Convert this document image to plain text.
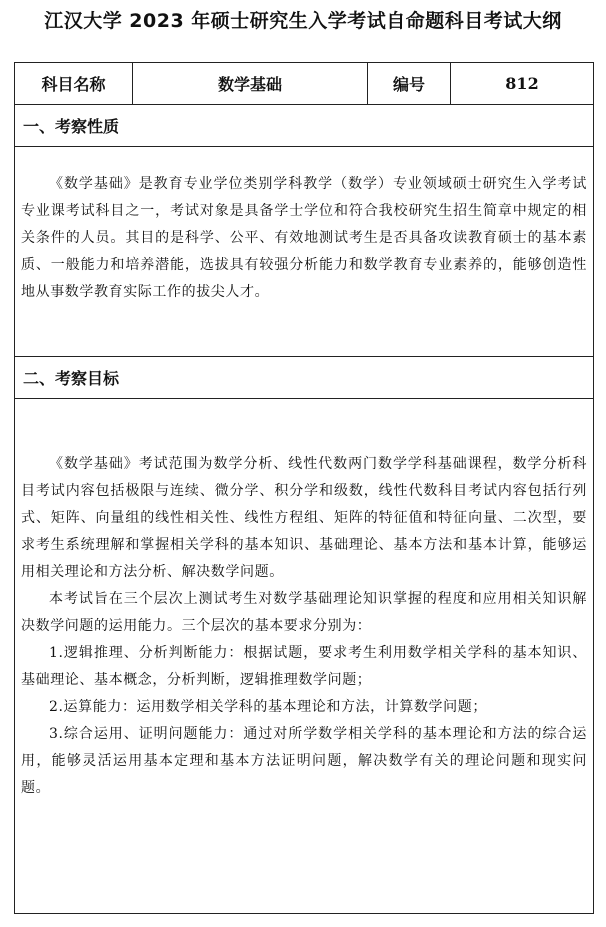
江汉大学 2023 年硕士研究生入学考试自命题科目考试大纲
科目名称	数学基础	编号	812
一、考察性质

《数学基础》是教育专业学位类别学科教学（数学）专业领域硕士研究生入学考试专业课考试科目之一，考试对象是具备学士学位和符合我校研究生招生简章中规定的相关条件的人员。其目的是科学、公平、有效地测试考生是否具备攻读教育硕士的基本素质、一般能力和培养潜能，选拔具有较强分析能力和数学教育专业素养的，能够创造性地从事数学教育实际工作的拔尖人才。

二、考察目标

《数学基础》考试范围为数学分析、线性代数两门数学学科基础课程，数学分析科目考试内容包括极限与连续、微分学、积分学和级数，线性代数科目考试内容包括行列式、矩阵、向量组的线性相关性、线性方程组、矩阵的特征值和特征向量、二次型，要求考生系统理解和掌握相关学科的基本知识、基础理论、基本方法和基本计算，能够运用相关理论和方法分析、解决数学问题。

本考试旨在三个层次上测试考生对数学基础理论知识掌握的程度和应用相关知识解决数学问题的运用能力。三个层次的基本要求分别为：

1.逻辑推理、分析判断能力：根据试题，要求考生利用数学相关学科的基本知识、基础理论、基本概念，分析判断，逻辑推理数学问题；

2.运算能力：运用数学相关学科的基本理论和方法，计算数学问题；

3.综合运用、证明问题能力：通过对所学数学相关学科的基本理论和方法的综合运用，能够灵活运用基本定理和基本方法证明问题，解决数学有关的理论问题和现实问题。
